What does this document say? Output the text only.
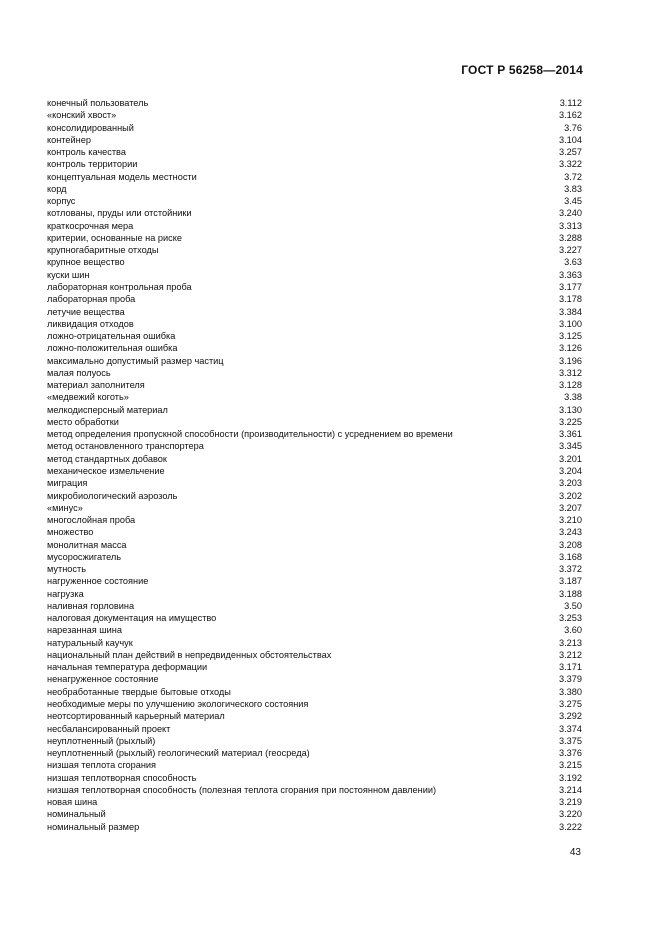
ГОСТ Р 56258—2014
конечный пользователь	3.112
«конский хвост»	3.162
консолидированный	3.76
контейнер	3.104
контроль качества	3.257
контроль территории	3.322
концептуальная модель местности	3.72
корд	3.83
корпус	3.45
котлованы, пруды или отстойники	3.240
краткосрочная мера	3.313
критерии, основанные на риске	3.288
крупногабаритные отходы	3.227
крупное вещество	3.63
куски шин	3.363
лабораторная контрольная проба	3.177
лабораторная проба	3.178
летучие вещества	3.384
ликвидация отходов	3.100
ложно-отрицательная ошибка	3.125
ложно-положительная ошибка	3.126
максимально допустимый размер частиц	3.196
малая полуось	3.312
материал заполнителя	3.128
«медвежий коготь»	3.38
мелкодисперсный материал	3.130
место обработки	3.225
метод определения пропускной способности (производительности) с усреднением во времени	3.361
метод остановленного транспортера	3.345
метод стандартных добавок	3.201
механическое измельчение	3.204
миграция	3.203
микробиологический аэрозоль	3.202
«минус»	3.207
многослойная проба	3.210
множество	3.243
монолитная масса	3.208
мусоросжигатель	3.168
мутность	3.372
нагруженное состояние	3.187
нагрузка	3.188
наливная горловина	3.50
налоговая документация на имущество	3.253
нарезанная шина	3.60
натуральный каучук	3.213
национальный план действий в непредвиденных обстоятельствах	3.212
начальная температура деформации	3.171
ненагруженное состояние	3.379
необработанные твердые бытовые отходы	3.380
необходимые меры по улучшению экологического состояния	3.275
неотсортированный карьерный материал	3.292
несбалансированный проект	3.374
неуплотненный (рыхлый)	3.375
неуплотненный (рыхлый) геологический материал (геосреда)	3.376
низшая теплота сгорания	3.215
низшая теплотворная способность	3.192
низшая теплотворная способность (полезная теплота сгорания при постоянном давлении)	3.214
новая шина	3.219
номинальный	3.220
номинальный размер	3.222
43
